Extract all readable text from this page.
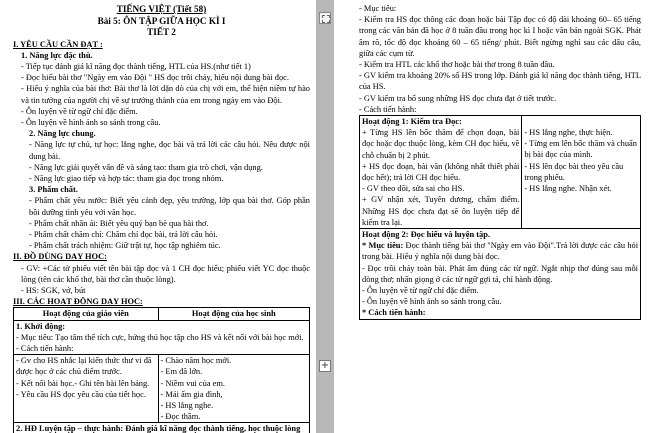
TIẾNG VIỆT (Tiết 58)
Bài 5: ÔN TẬP GIỮA HỌC KÌ I
TIẾT 2
I. YÊU CẦU CẦN ĐẠT :
1. Năng lực đặc thù.
- Tiếp tục đánh giá kĩ năng đọc thành tiếng, HTL của HS.(như tiết 1)
- Đọc hiểu bài thơ "Ngày em vào Đội " HS đọc trôi chảy, hiểu nội dung bài đọc.
- Hiểu ý nghĩa của bài thơ: Bài thơ là lời dặn dò của chị với em, thể hiện niềm tự hào và tin tưởng của người chị về sự trưởng thành của em trong ngày em vào Đội.
- Ôn luyện về từ ngữ chỉ đặc điểm.
- Ôn luyện về hình ảnh so sánh trong câu.
2. Năng lực chung.
- Năng lực tự chủ, tự học: lắng nghe, đọc bài và trả lời các câu hỏi. Nêu được nội dung bài.
- Năng lực giải quyết vấn đề và sáng tạo: tham gia trò chơi, vận dụng.
- Năng lực giao tiếp và hợp tác: tham gia đọc trong nhóm.
3. Phẩm chất.
- Phẩm chất yêu nước: Biết yêu cảnh đẹp, yêu trường, lớp qua bài thơ. Góp phần bồi dưỡng tình yêu với văn học.
- Phẩm chất nhân ái: Biết yêu quý bạn bè qua bài thơ.
- Phẩm chất chăm chỉ: Chăm chỉ đọc bài, trả lời câu hỏi.
- Phẩm chất trách nhiệm: Giữ trật tự, học tập nghiêm túc.
II. ĐỒ DÙNG DẠY HỌC:
- GV: +Các tờ phiếu viết tên bài tập đọc và 1 CH đọc hiểu; phiếu viết YC đọc thuộc lòng (tên các khổ thơ, bài thơ cần thuộc lòng).
- HS: SGK, vở, bút
III. CÁC HOẠT ĐỘNG DẠY HỌC:
Hoạt động của giáo viên	Hoạt động của học sinh
1. Khởi động:
- Mục tiêu: Tạo tâm thế tích cực, hứng thú học tập cho HS và kết nối với bài học mới.
- Cách tiến hành:
- Gv cho HS nhắc lại kiến thức thư vi đã được học ở các chủ điểm trước.
- Kết nối bài học.- Ghi tên bài lên bảng.
- Yêu cầu HS đọc yêu cầu của tiết học.
- Chào năm học mới.
- Em đã lớn.
- Niềm vui của em.
- Mái ấm gia đình,
- HS lắng nghe.
- Đọc thầm.
2. HĐ Luyện tập – thực hành: Đánh giá kĩ năng đọc thành tiếng, học thuộc lòng
+
- Mục tiêu:
- Kiểm tra HS đọc thông các đoạn hoặc bài Tập đọc có độ dài khoảng 60– 65 tiếng trong các văn bản đã học ở 8 tuần đầu trong học kì I hoặc văn bản ngoài SGK. Phát âm rõ, tốc độ đọc khoảng 60 – 65 tiếng/ phút. Biết ngừng nghỉ sau các dấu câu, giữa các cụm từ.
- Kiểm tra HTL các khổ thơ hoặc bài thơ trong 8 tuần đầu.
- GV kiểm tra khoảng 20% số HS trong lớp. Đánh giá kĩ năng đọc thành tiếng, HTL của HS.
- GV kiểm tra bổ sung những HS đọc chưa đạt ở tiết trước.
- Cách tiến hành:
Hoạt động 1: Kiểm tra Đọc:
+ Từng HS lên bốc thăm để chọn đoạn, bài đọc hoặc đọc thuộc lòng, kèm CH đọc hiểu, về chỗ chuẩn bị 2 phút.
+ HS đọc đoạn, bài văn (không nhất thiết phải đọc hết); trả lời CH đọc hiểu.
- GV theo dõi, sửa sai cho HS.
+ GV nhận xét, Tuyên dương, chấm điểm. Những HS đọc chưa đạt sẽ ôn luyện tiếp để kiểm tra lại.
- HS lắng nghe, thực hiện.
- Từng em lên bốc thăm và chuẩn bị bài đọc của mình.
- HS lên đọc bài theo yêu cầu trong phiếu.
- HS lắng nghe. Nhận xét.
Hoạt động 2: Đọc hiểu và luyện tập.
* Mục tiêu: Đọc thành tiếng bài thơ "Ngày em vào Đội".Trả lời được các câu hỏi trong bài. Hiểu ý nghĩa nội dung bài đọc.
- Đọc trôi chảy toàn bài. Phát âm đúng các từ ngữ. Ngắt nhịp thơ đúng sau mỗi dòng thơ; nhấn giọng ở các từ ngữ gợi tả, chỉ hành động.
- Ôn luyện về từ ngữ chỉ đặc điểm.
- Ôn luyện về hình ảnh so sánh trong câu.
* Cách tiến hành:
